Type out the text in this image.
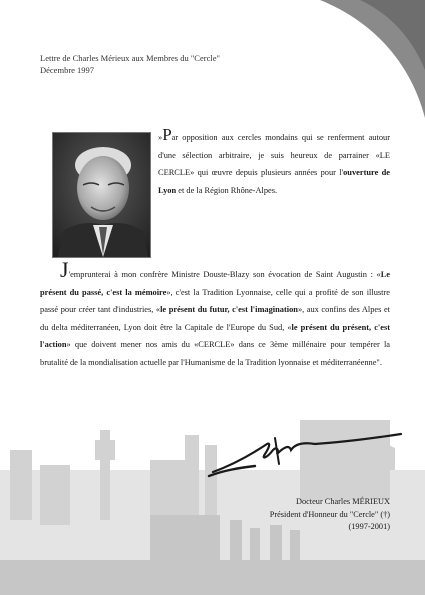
Lettre de Charles Mérieux aux Membres du "Cercle"
Décembre 1997
»Par opposition aux cercles mondains qui se renferment autour d'une sélection arbitraire, je suis heureux de parrainer «LE CERCLE» qui œuvre depuis plusieurs années pour l'ouverture de Lyon et de la Région Rhône-Alpes.
J'emprunterai à mon confrère Ministre Douste-Blazy son évocation de Saint Augustin : «Le présent du passé, c'est la mémoire», c'est la Tradition Lyonnaise, celle qui a profité de son illustre passé pour créer tant d'industries, «le présent du futur, c'est l'imagination», aux confins des Alpes et du delta méditerranéen, Lyon doit être la Capitale de l'Europe du Sud, «le présent du présent, c'est l'action» que doivent mener nos amis du «CERCLE» dans ce 3ème millénaire pour tempérer la brutalité de la mondialisation actuelle par l'Humanisme de la Tradition lyonnaise et méditerranéenne".
Docteur Charles MÉRIEUX
Président d'Honneur du "Cercle" (†)
(1997-2001)
